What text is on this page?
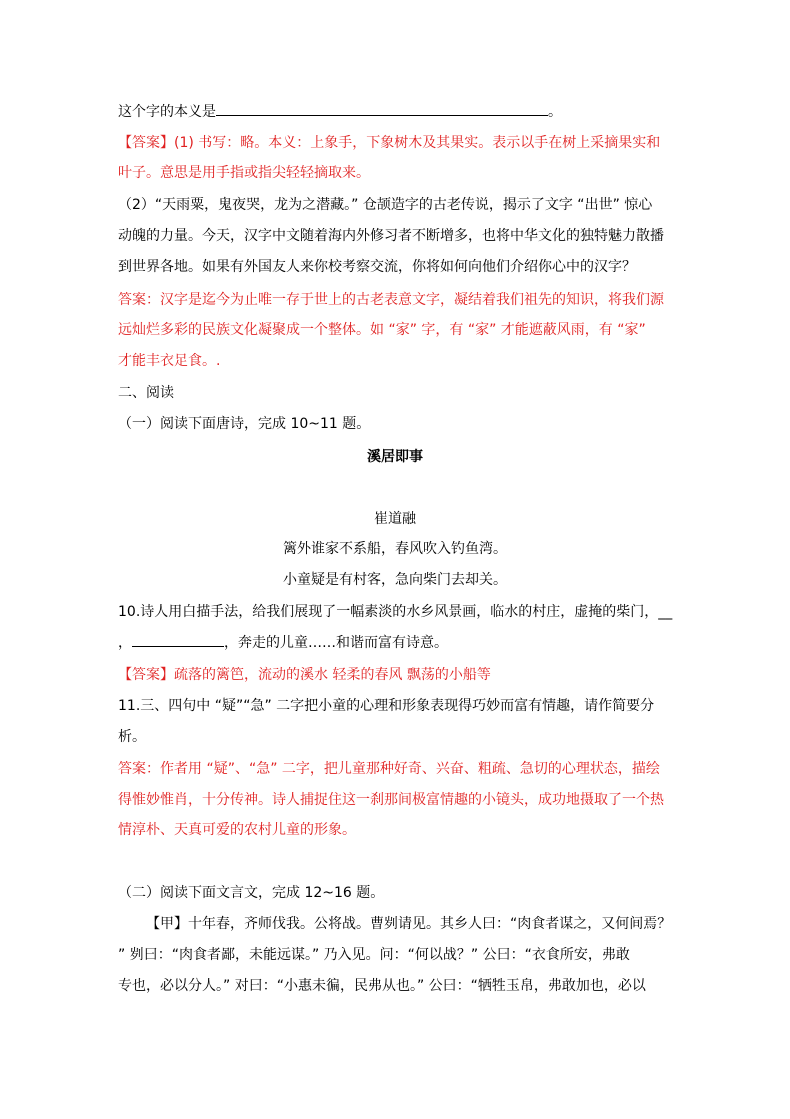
这个字的本义是	。
【答案】(1) 书写：略。本义：上象手，下象树木及其果实。表示以手在树上采摘果实和
叶子。意思是用手指或指尖轻轻摘取来。
（2）“天雨粟，鬼夜哭，龙为之潜藏。” 仓颉造字的古老传说，揭示了文字 “出世” 惊心
动魄的力量。今天，汉字中文随着海内外修习者不断增多，也将中华文化的独特魅力散播
到世界各地。如果有外国友人来你校考察交流，你将如何向他们介绍你心中的汉字？
答案：汉字是迄今为止唯一存于世上的古老表意文字，凝结着我们祖先的知识，将我们源
远灿烂多彩的民族文化凝聚成一个整体。如 “家” 字，有 “家” 才能遮蔽风雨，有 “家”
才能丰衣足食。.
二、阅读
（一）阅读下面唐诗，完成 10~11 题。
溪居即事
崔道融
篱外谁家不系船，春风吹入钓鱼湾。
小童疑是有村客，急向柴门去却关。
10.诗人用白描手法，给我们展现了一幅素淡的水乡风景画，临水的村庄，虚掩的柴门，__
，	，奔走的儿童……和谐而富有诗意。
【答案】疏落的篱笆，流动的溪水 轻柔的春风 飘荡的小船等
11.三、四句中 “疑”“急” 二字把小童的心理和形象表现得巧妙而富有情趣，请作简要分
析。
答案：作者用 “疑”、“急” 二字，把儿童那种好奇、兴奋、粗疏、急切的心理状态，描绘
得惟妙惟肖，十分传神。诗人捕捉住这一刹那间极富情趣的小镜头，成功地摄取了一个热
情淳朴、天真可爱的农村儿童的形象。
（二）阅读下面文言文，完成 12~16 题。
【甲】十年春，齐师伐我。公将战。曹刿请见。其乡人曰：“肉食者谋之，又何间焉？
” 刿曰：“肉食者鄙，未能远谋。” 乃入见。问：“何以战？” 公曰：“衣食所安，弗敢
专也，必以分人。” 对曰：“小惠未徧，民弗从也。” 公曰：“牺牲玉帛，弗敢加也，必以
